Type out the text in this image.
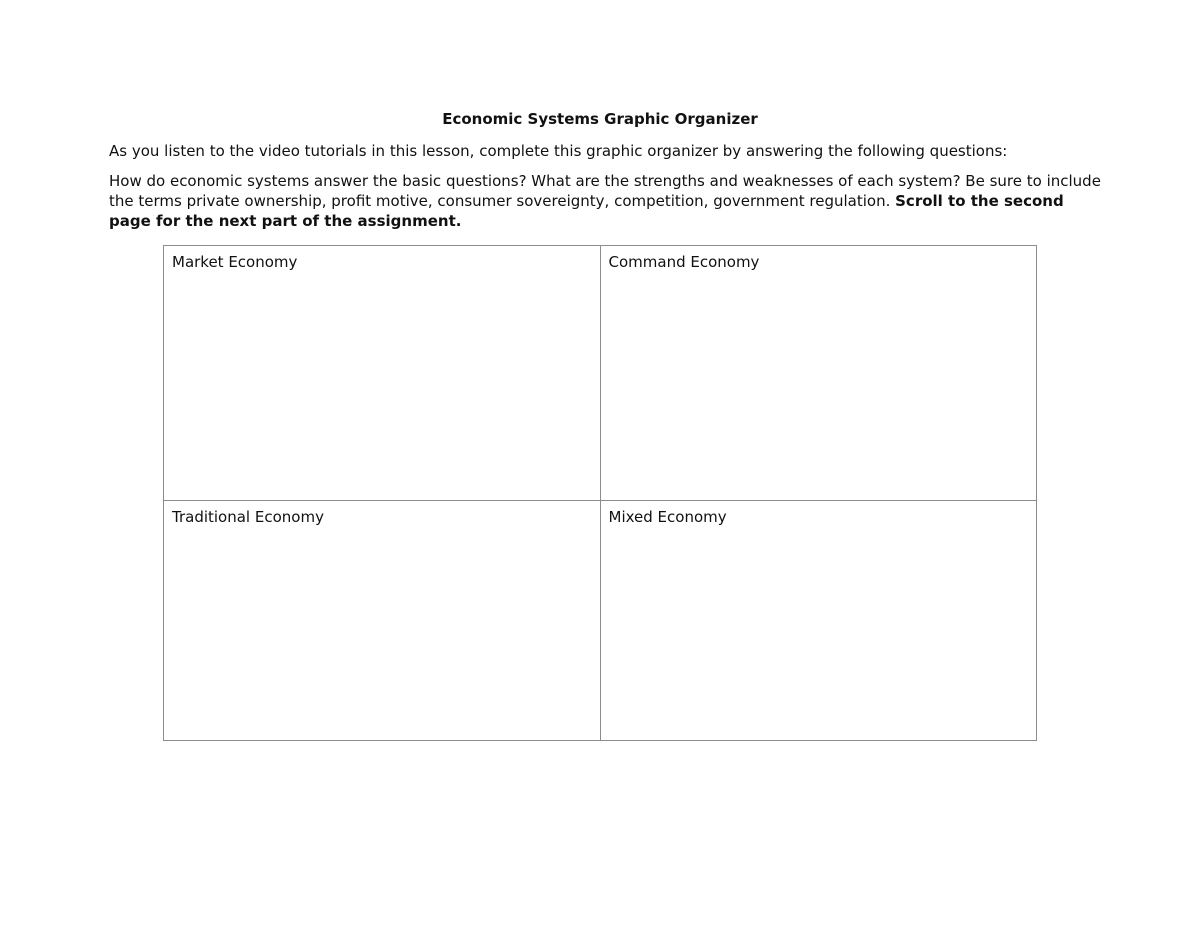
Economic Systems Graphic Organizer

As you listen to the video tutorials in this lesson, complete this graphic organizer by answering the following questions:

How do economic systems answer the basic questions? What are the strengths and weaknesses of each system? Be sure to include
the terms private ownership, profit motive, consumer sovereignty, competition, government regulation. Scroll to the second
page for the next part of the assignment.

Market Economy	Command Economy

Traditional Economy	Mixed Economy
